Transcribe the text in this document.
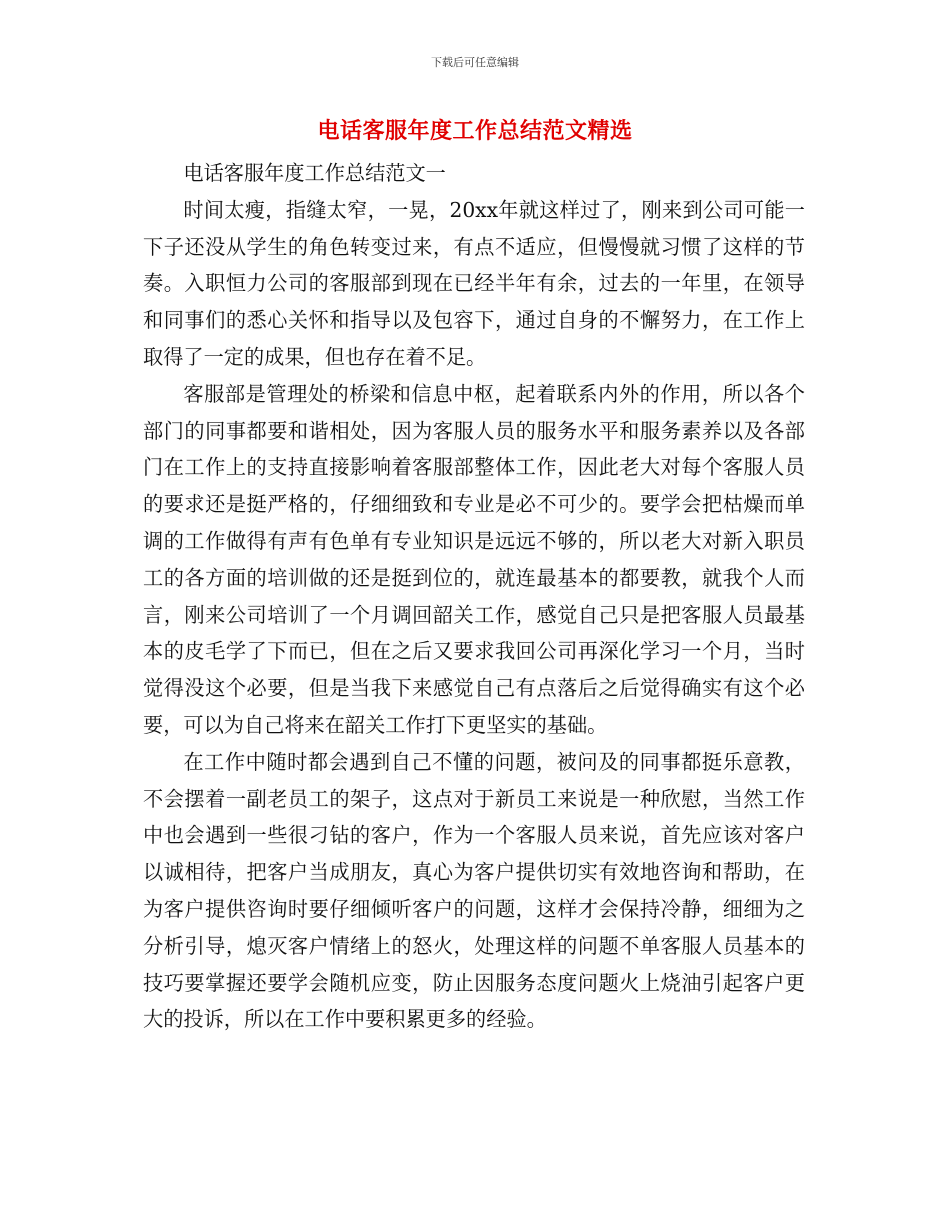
下载后可任意编辑
电话客服年度工作总结范文精选

电话客服年度工作总结范文一

时间太瘦，指缝太窄，一晃，20xx年就这样过了，刚来到公司可能一下子还没从学生的角色转变过来，有点不适应，但慢慢就习惯了这样的节奏。入职恒力公司的客服部到现在已经半年有余，过去的一年里，在领导和同事们的悉心关怀和指导以及包容下，通过自身的不懈努力，在工作上取得了一定的成果，但也存在着不足。

客服部是管理处的桥梁和信息中枢，起着联系内外的作用，所以各个部门的同事都要和谐相处，因为客服人员的服务水平和服务素养以及各部门在工作上的支持直接影响着客服部整体工作，因此老大对每个客服人员的要求还是挺严格的，仔细细致和专业是必不可少的。要学会把枯燥而单调的工作做得有声有色单有专业知识是远远不够的，所以老大对新入职员工的各方面的培训做的还是挺到位的，就连最基本的都要教，就我个人而言，刚来公司培训了一个月调回韶关工作，感觉自己只是把客服人员最基本的皮毛学了下而已，但在之后又要求我回公司再深化学习一个月，当时觉得没这个必要，但是当我下来感觉自己有点落后之后觉得确实有这个必要，可以为自己将来在韶关工作打下更坚实的基础。

在工作中随时都会遇到自己不懂的问题，被问及的同事都挺乐意教，不会摆着一副老员工的架子，这点对于新员工来说是一种欣慰，当然工作中也会遇到一些很刁钻的客户，作为一个客服人员来说，首先应该对客户以诚相待，把客户当成朋友，真心为客户提供切实有效地咨询和帮助，在为客户提供咨询时要仔细倾听客户的问题，这样才会保持冷静，细细为之分析引导，熄灭客户情绪上的怒火，处理这样的问题不单客服人员基本的技巧要掌握还要学会随机应变，防止因服务态度问题火上烧油引起客户更大的投诉，所以在工作中要积累更多的经验。
